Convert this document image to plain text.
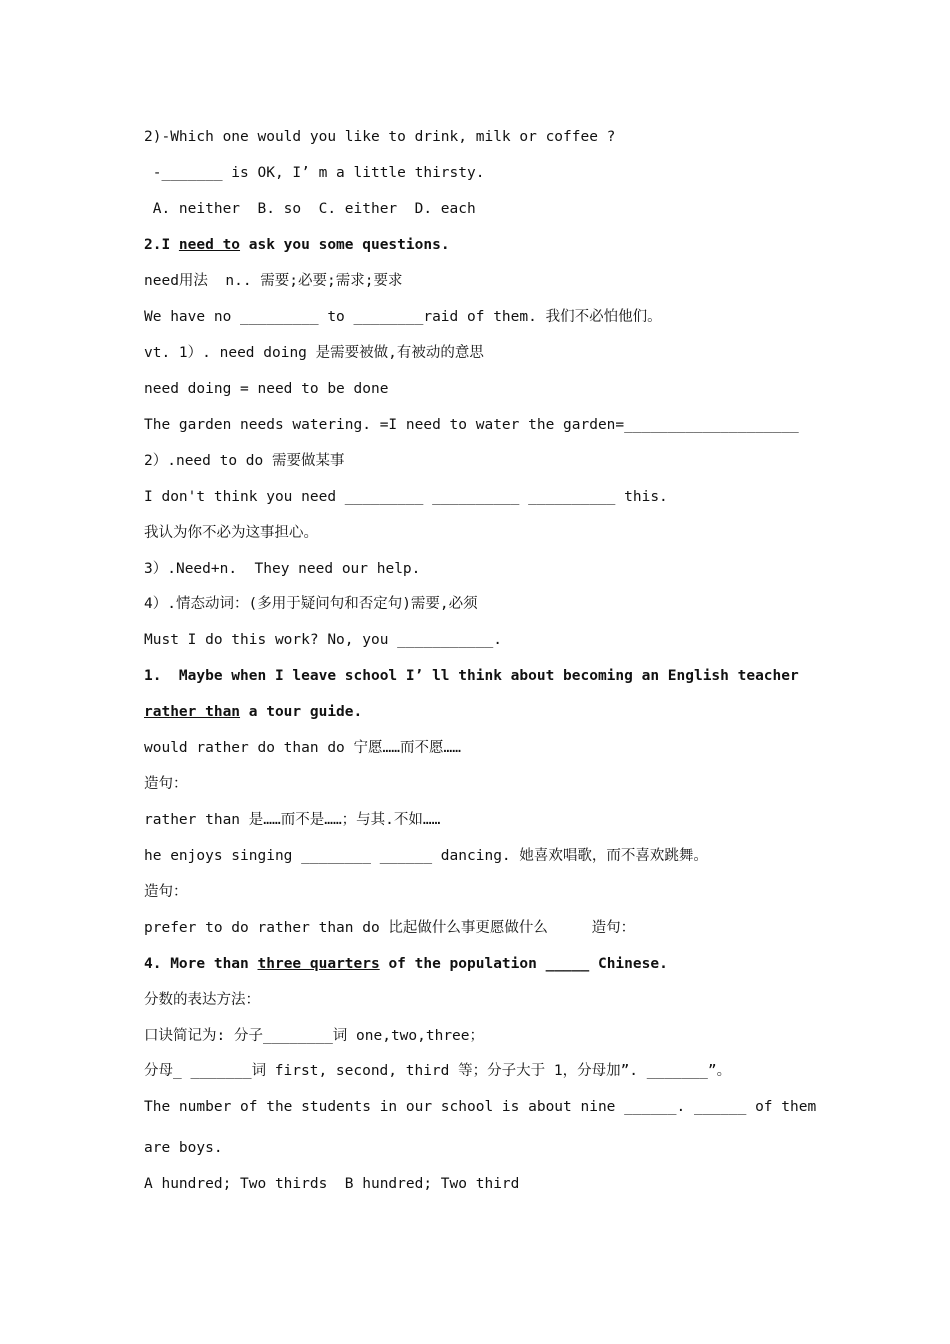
2)-Which one would you like to drink, milk or coffee ?
-_______ is OK, I’ m a little thirsty.
A. neither  B. so  C. either  D. each
2.I need to ask you some questions.
need用法  n.. 需要;必要;需求;要求
We have no _________ to ________raid of them. 我们不必怕他们。
vt. 1）. need doing 是需要被做,有被动的意思
need doing = need to be done
The garden needs watering. =I need to water the garden=____________________
2）.need to do 需要做某事
I don't think you need _________ __________ __________ this.
我认为你不必为这事担心。
3）.Need+n.  They need our help.
4）.情态动词：(多用于疑问句和否定句)需要,必须
Must I do this work? No, you ___________.
1.  Maybe when I leave school I’ ll think about becoming an English teacher
rather than a tour guide.
would rather do than do 宁愿……而不愿……
造句：
rather than 是……而不是……；与其.不如……
he enjoys singing ________ ______ dancing. 她喜欢唱歌，而不喜欢跳舞。
造句：
prefer to do rather than do 比起做什么事更愿做什么     造句：
4. More than three quarters of the population _____ Chinese.
分数的表达方法：
口诀简记为: 分子________词 one,two,three；
分母_ _______词 first, second, third 等；分子大于 1，分母加”. _______”。
The number of the students in our school is about nine ______. ______ of them
are boys.
A hundred; Two thirds  B hundred; Two third
